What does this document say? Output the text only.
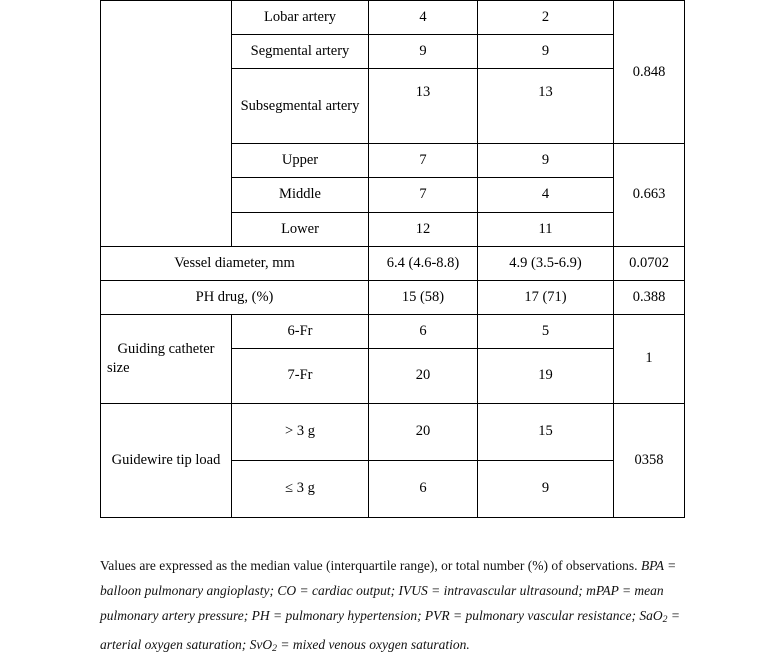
	Lobar artery	4	2	0.848
	Segmental artery	9	9	
	Subsegmental artery	13	13	
	Upper	7	9	0.663
	Middle	7	4	
	Lower	12	11	
Vessel diameter, mm		6.4 (4.6-8.8)	4.9 (3.5-6.9)	0.0702
PH drug, (%)		15 (58)	17 (71)	0.388
Guiding catheter size	6-Fr	6	5	1
	7-Fr	20	19	
Guidewire tip load	> 3 g	20	15	0358
	≤ 3 g	6	9	
Values are expressed as the median value (interquartile range), or total number (%) of observations. BPA = balloon pulmonary angioplasty; CO = cardiac output; IVUS = intravascular ultrasound; mPAP = mean pulmonary artery pressure; PH = pulmonary hypertension; PVR = pulmonary vascular resistance; SaO$_2$ = arterial oxygen saturation; SvO$_2$ = mixed venous oxygen saturation.
